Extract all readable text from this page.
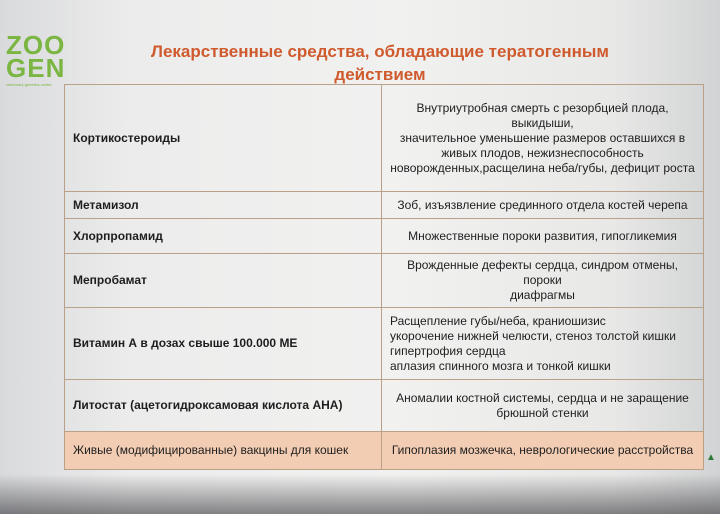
ZOO
GEN
veterinary genetics center
Лекарственные средства, обладающие тератогенным
действием
Кортикостероиды	Внутриутробная смерть с резорбцией плода, выкидыши,
значительное уменьшение размеров оставшихся в
живых плодов, нежизнеспособность
новорожденных,расщелина неба/губы, дефицит роста

Метамизол	Зоб, изъязвление срединного отдела костей черепа

Хлорпропамид	Множественные пороки развития, гипогликемия

Мепробамат	Врожденные дефекты сердца, синдром отмены, пороки
диафрагмы

Витамин А в дозах свыше 100.000 МЕ	Расщепление губы/неба, краниошизис
укорочение нижней челюсти, стеноз толстой кишки
гипертрофия сердца
аплазия спинного мозга и тонкой кишки

Литостат (ацетогидроксамовая кислота АНА)	Аномалии костной системы, сердца и не заращение
брюшной стенки

Живые (модифицированные) вакцины для кошек	Гипоплазия мозжечка, неврологические расстройства
▲
